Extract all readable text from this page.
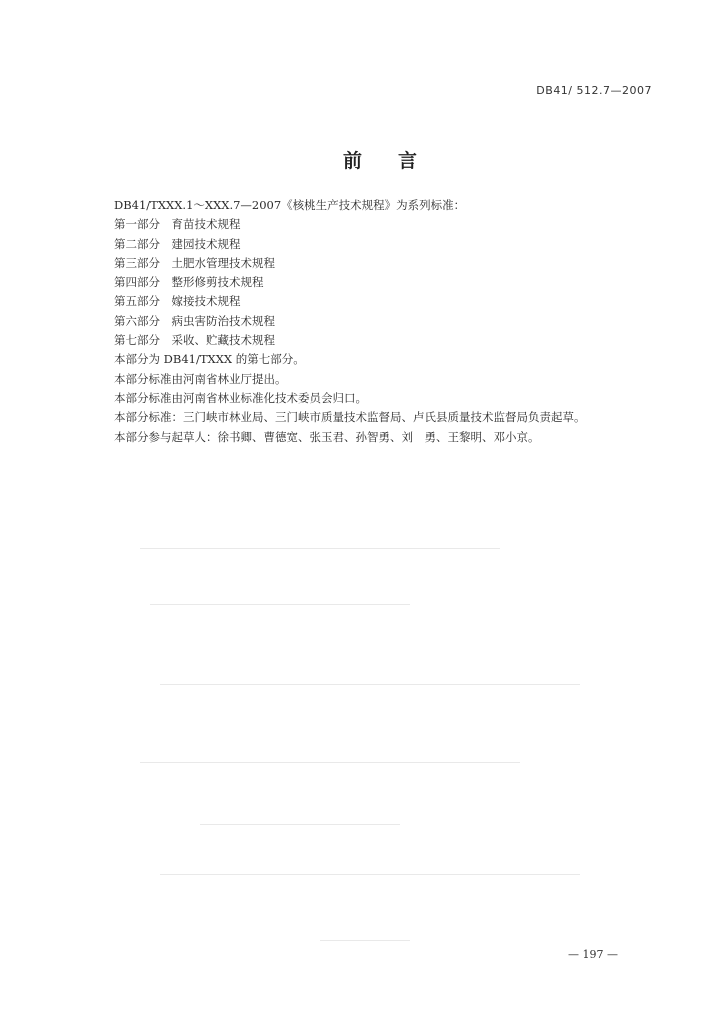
DB41/ 512.7—2007
前言
DB41/TXXX.1～XXX.7—2007《核桃生产技术规程》为系列标准：
第一部分　育苗技术规程
第二部分　建园技术规程
第三部分　土肥水管理技术规程
第四部分　整形修剪技术规程
第五部分　嫁接技术规程
第六部分　病虫害防治技术规程
第七部分　采收、贮藏技术规程
本部分为 DB41/TXXX 的第七部分。
本部分标准由河南省林业厅提出。
本部分标准由河南省林业标准化技术委员会归口。
本部分标准：三门峡市林业局、三门峡市质量技术监督局、卢氏县质量技术监督局负责起草。
本部分参与起草人：徐书卿、曹德宽、张玉君、孙智勇、刘　勇、王黎明、邓小京。
— 197 —
